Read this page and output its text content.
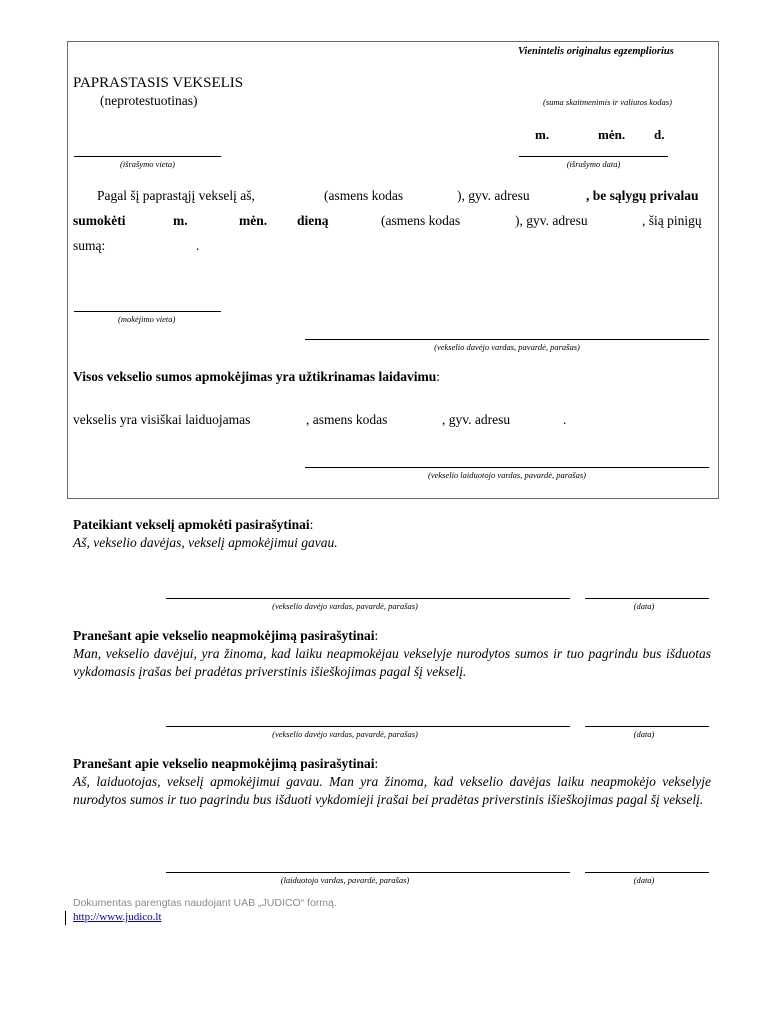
Vienintelis originalus egzempliorius
PAPRASTASIS VEKSELIS
(neprotestuotinas)	(suma skaitmenimis ir valiutos kodas)
m.	mėn. d.
(išrašymo vieta)	(išrašymo data)
Pagal šį paprastąjį vekselį aš,	(asmens kodas	), gyv. adresu	, be sąlygų privalau
sumokėti	m.	mėn. dieną	(asmens kodas	), gyv. adresu	, šią pinigų
sumą:	.
(mokėjimo vieta)
(vekselio davėjo vardas, pavardė, parašas)
Visos vekselio sumos apmokėjimas yra užtikrinamas laidavimu:
vekselis yra visiškai laiduojamas	, asmens kodas	, gyv. adresu	.
(vekselio laiduotojo vardas, pavardė, parašas)
Pateikiant vekselį apmokėti pasirašytinai:
Aš, vekselio davėjas, vekselį apmokėjimui gavau.
(vekselio davėjo vardas, pavardė, parašas)	(data)
Pranešant apie vekselio neapmokėjimą pasirašytinai:
Man, vekselio davėjui, yra žinoma, kad laiku neapmokėjau vekselyje nurodytos sumos ir tuo pagrindu bus išduotas vykdomasis įrašas bei pradėtas priverstinis išieškojimas pagal šį vekselį.
(vekselio davėjo vardas, pavardė, parašas)	(data)
Pranešant apie vekselio neapmokėjimą pasirašytinai:
Aš, laiduotojas, vekselį apmokėjimui gavau. Man yra žinoma, kad vekselio davėjas laiku neapmokėjo vekselyje nurodytos sumos ir tuo pagrindu bus išduoti vykdomieji įrašai bei pradėtas priverstinis išieškojimas pagal šį vekselį.
(laiduotojo vardas, pavardė, parašas)	(data)
Dokumentas parengtas naudojant UAB „JUDICO“ formą.
http://www.judico.lt
